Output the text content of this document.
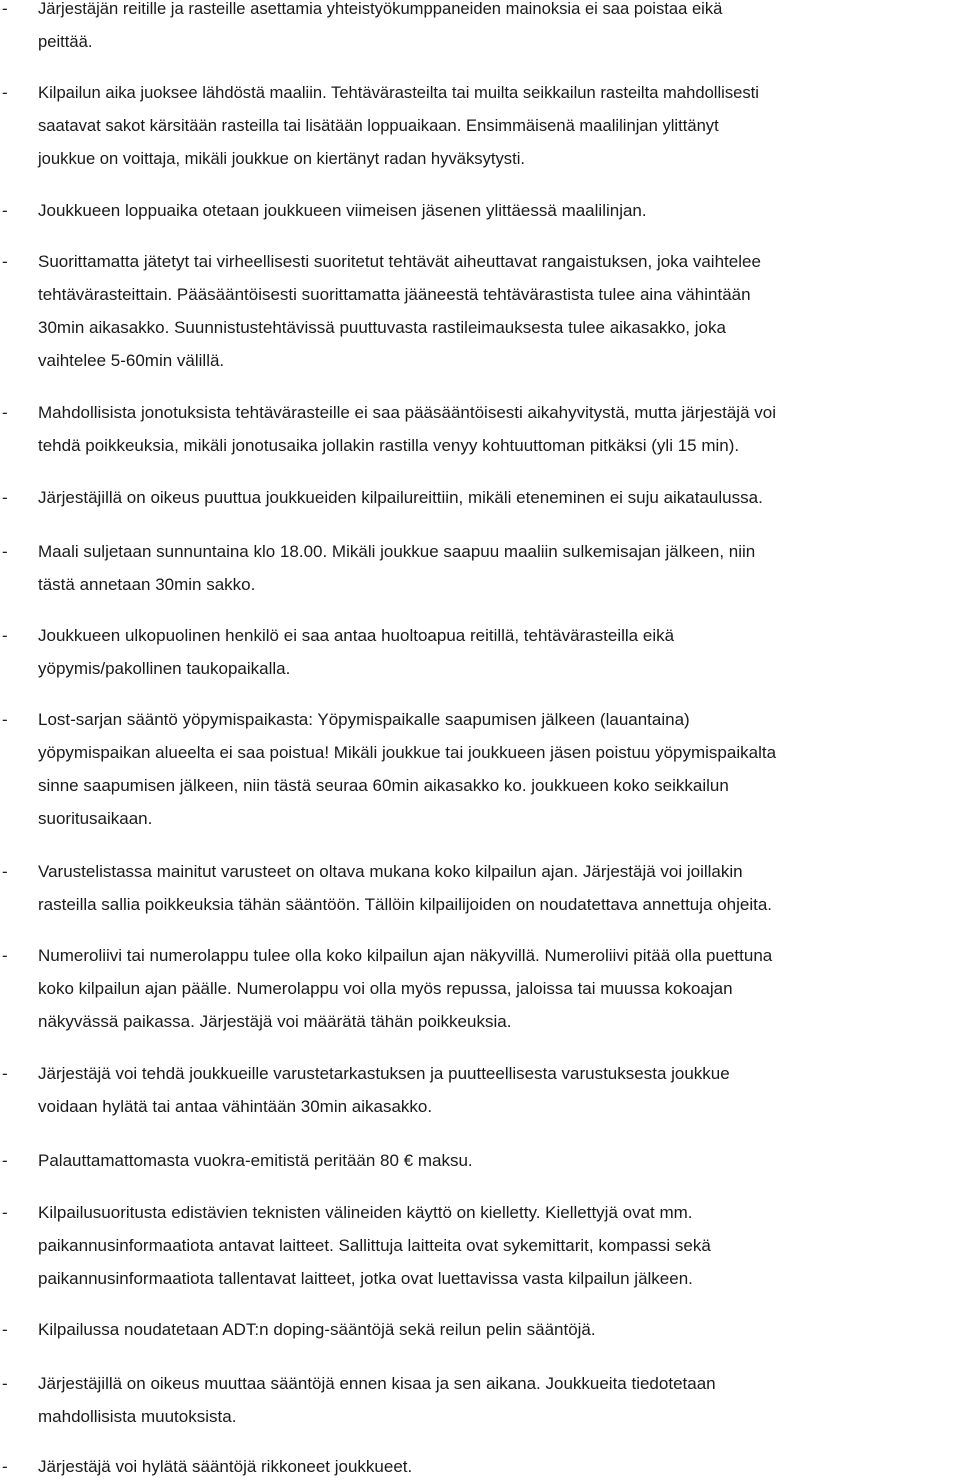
- Järjestäjän reitille ja rasteille asettamia yhteistyökumppaneiden mainoksia ei saa poistaa eikä
peittää.
- Kilpailun aika juoksee lähdöstä maaliin. Tehtävärasteilta tai muilta seikkailun rasteilta mahdollisesti
saatavat sakot kärsitään rasteilla tai lisätään loppuaikaan. Ensimmäisenä maalilinjan ylittänyt
joukkue on voittaja, mikäli joukkue on kiertänyt radan hyväksytysti.
- Joukkueen loppuaika otetaan joukkueen viimeisen jäsenen ylittäessä maalilinjan.
- Suorittamatta jätetyt tai virheellisesti suoritetut tehtävät aiheuttavat rangaistuksen, joka vaihtelee
tehtävärasteittain. Pääsääntöisesti suorittamatta jääneestä tehtävärastista tulee aina vähintään
30min aikasakko. Suunnistustehtävissä puuttuvasta rastileimauksesta tulee aikasakko, joka
vaihtelee 5-60min välillä.
- Mahdollisista jonotuksista tehtävärasteille ei saa pääsääntöisesti aikahyvitystä, mutta järjestäjä voi
tehdä poikkeuksia, mikäli jonotusaika jollakin rastilla venyy kohtuuttoman pitkäksi (yli 15 min).
- Järjestäjillä on oikeus puuttua joukkueiden kilpailureittiin, mikäli eteneminen ei suju aikataulussa.
- Maali suljetaan sunnuntaina klo 18.00. Mikäli joukkue saapuu maaliin sulkemisajan jälkeen, niin
tästä annetaan 30min sakko.
- Joukkueen ulkopuolinen henkilö ei saa antaa huoltoapua reitillä, tehtävärasteilla eikä
yöpymis/pakollinen taukopaikalla.
- Lost-sarjan sääntö yöpymispaikasta: Yöpymispaikalle saapumisen jälkeen (lauantaina)
yöpymispaikan alueelta ei saa poistua! Mikäli joukkue tai joukkueen jäsen poistuu yöpymispaikalta
sinne saapumisen jälkeen, niin tästä seuraa 60min aikasakko ko. joukkueen koko seikkailun
suoritusaikaan.
- Varustelistassa mainitut varusteet on oltava mukana koko kilpailun ajan. Järjestäjä voi joillakin
rasteilla sallia poikkeuksia tähän sääntöön. Tällöin kilpailijoiden on noudatettava annettuja ohjeita.
- Numeroliivi tai numerolappu tulee olla koko kilpailun ajan näkyvillä. Numeroliivi pitää olla puettuna
koko kilpailun ajan päälle. Numerolappu voi olla myös repussa, jaloissa tai muussa kokoajan
näkyvässä paikassa. Järjestäjä voi määrätä tähän poikkeuksia.
- Järjestäjä voi tehdä joukkueille varustetarkastuksen ja puutteellisesta varustuksesta joukkue
voidaan hylätä tai antaa vähintään 30min aikasakko.
- Palauttamattomasta vuokra-emitistä peritään 80 € maksu.
- Kilpailusuoritusta edistävien teknisten välineiden käyttö on kielletty. Kiellettyjä ovat mm.
paikannusinformaatiota antavat laitteet. Sallittuja laitteita ovat sykemittarit, kompassi sekä
paikannusinformaatiota tallentavat laitteet, jotka ovat luettavissa vasta kilpailun jälkeen.
- Kilpailussa noudatetaan ADT:n doping-sääntöjä sekä reilun pelin sääntöjä.
- Järjestäjillä on oikeus muuttaa sääntöjä ennen kisaa ja sen aikana. Joukkueita tiedotetaan
mahdollisista muutoksista.
- Järjestäjä voi hylätä sääntöjä rikkoneet joukkueet.
